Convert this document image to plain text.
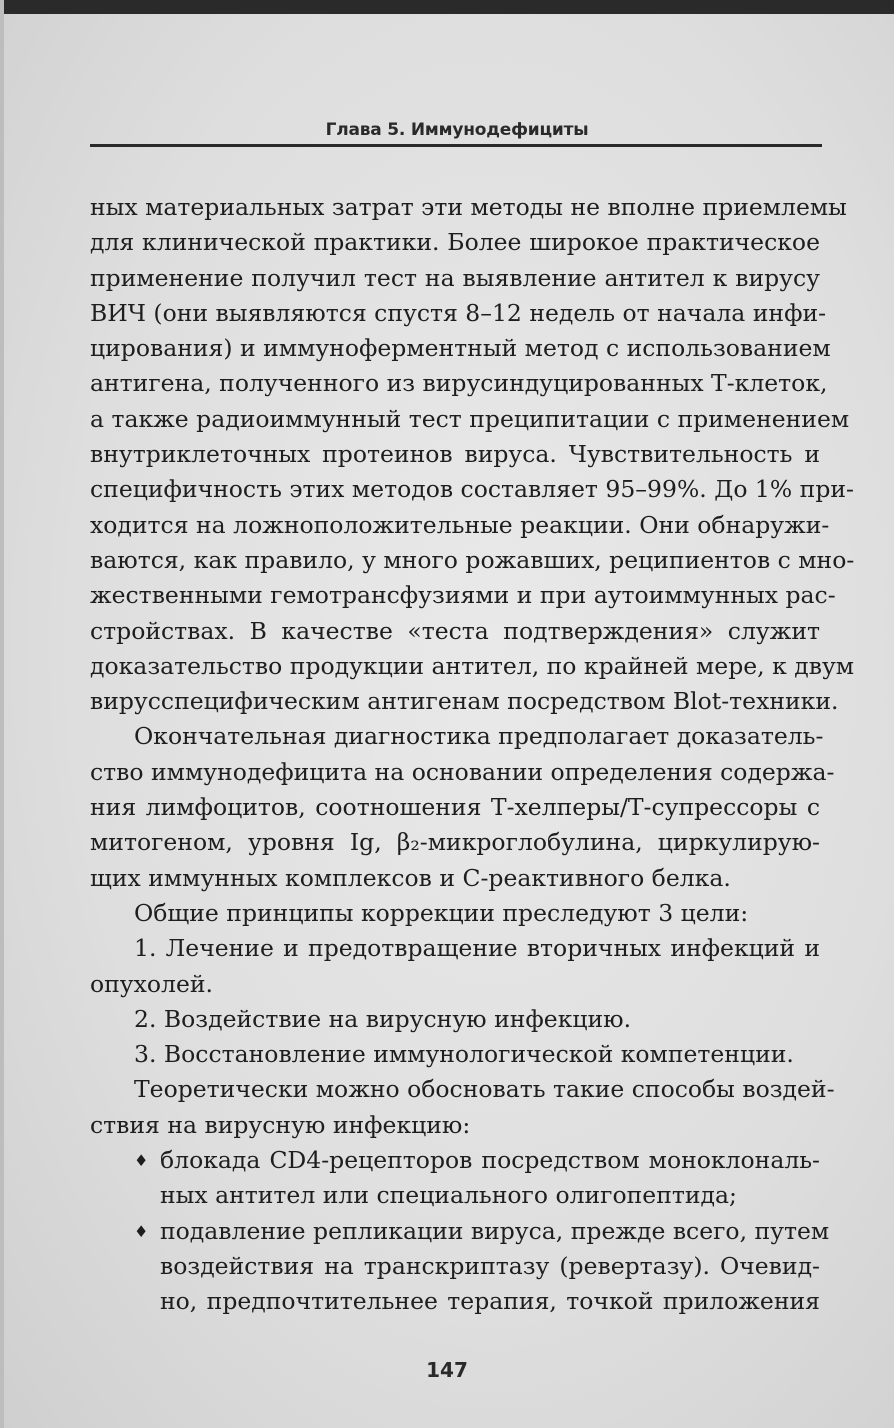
Глава 5. Иммунодефициты
ных материальных затрат эти методы не вполне приемлемы
для клинической практики. Более широкое практическое
применение получил тест на выявление антител к вирусу
ВИЧ (они выявляются спустя 8–12 недель от начала инфи-
цирования) и иммуноферментный метод с использованием
антигена, полученного из вирусиндуцированных Т-клеток,
а также радиоиммунный тест преципитации с применением
внутриклеточных протеинов вируса. Чувствительность и
специфичность этих методов составляет 95–99%. До 1% при-
ходится на ложноположительные реакции. Они обнаружи-
ваются, как правило, у много рожавших, реципиентов с мно-
жественными гемотрансфузиями и при аутоиммунных рас-
стройствах. В качестве «теста подтверждения» служит
доказательство продукции антител, по крайней мере, к двум
вирусспецифическим антигенам посредством Blot-техники.
Окончательная диагностика предполагает доказатель-
ство иммунодефицита на основании определения содержа-
ния лимфоцитов, соотношения Т-хелперы/Т-супрессоры с
митогеном, уровня Ig, β₂-микроглобулина, циркулирую-
щих иммунных комплексов и С-реактивного белка.
Общие принципы коррекции преследуют 3 цели:
1. Лечение и предотвращение вторичных инфекций и
опухолей.
2. Воздействие на вирусную инфекцию.
3. Восстановление иммунологической компетенции.
Теоретически можно обосновать такие способы воздей-
ствия на вирусную инфекцию:
♦ блокада CD4-рецепторов посредством моноклональ-
ных антител или специального олигопептида;
♦ подавление репликации вируса, прежде всего, путем
воздействия на транскриптазу (ревертазу). Очевид-
но, предпочтительнее терапия, точкой приложения
147
